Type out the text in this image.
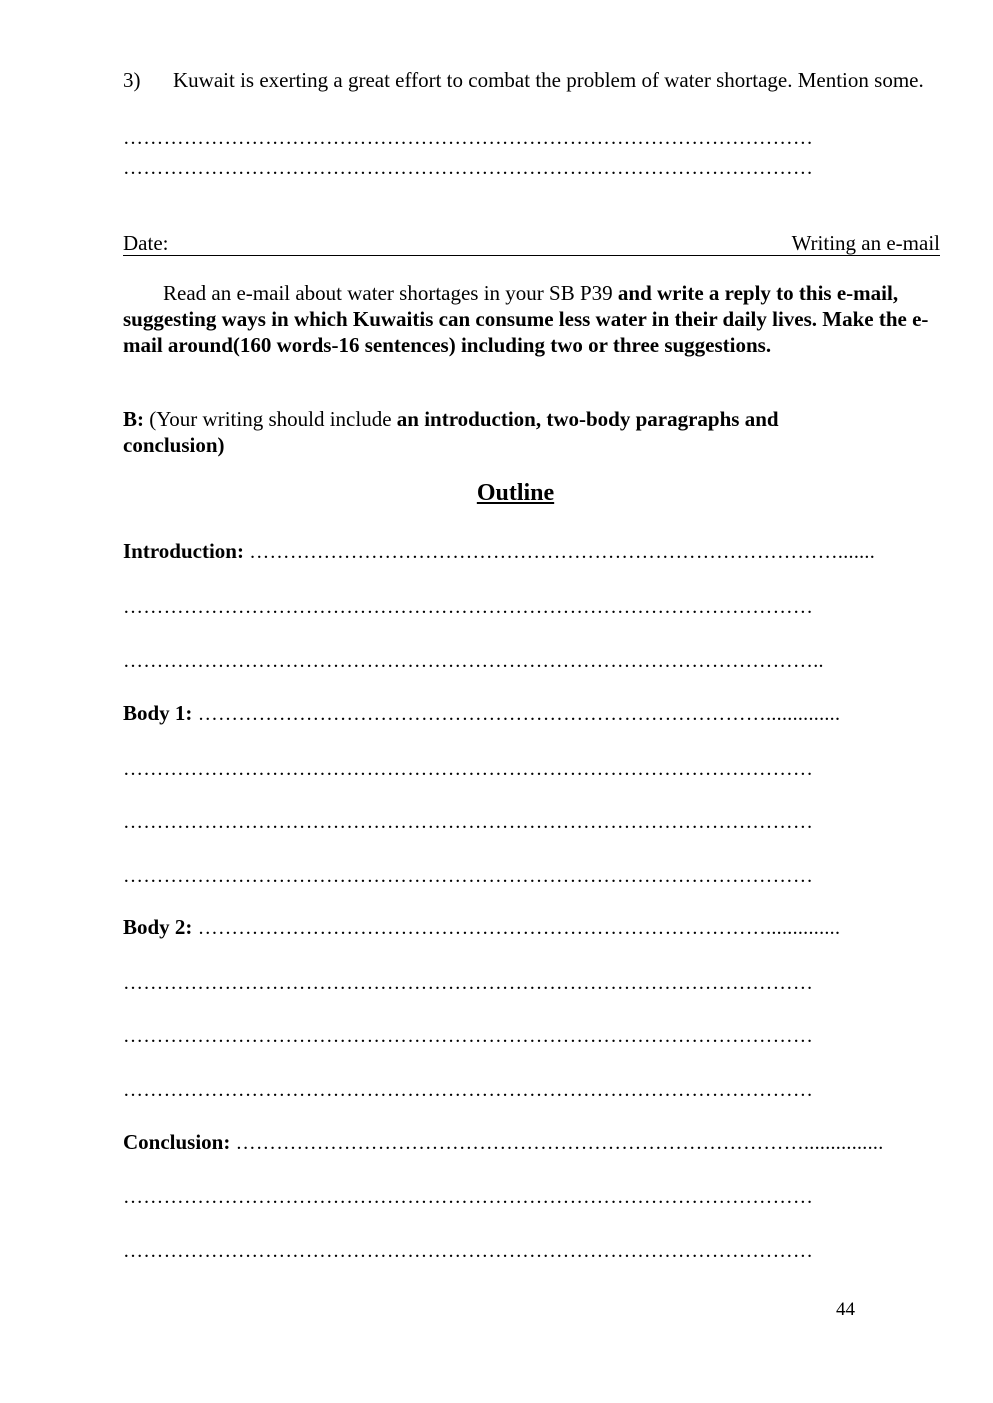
3) Kuwait is exerting a great effort to combat the problem of water shortage. Mention some.
…………………………………………………………………………………………
…………………………………………………………………………………………
Date:	Writing an e-mail
Read an e-mail about water shortages in your SB P39 and write a reply to this e-mail, suggesting ways in which Kuwaitis can consume less water in their daily lives. Make the e-mail around(160 words-16 sentences) including two or three suggestions.
B: (Your writing should include an introduction, two-body paragraphs and conclusion)
Outline
Introduction: …………………………………………………………………………….......
…………………………………………………………………………………………
…………………………………………………………………………………………..
Body 1: …………………………………………………………………………..............
…………………………………………………………………………………………
…………………………………………………………………………………………
…………………………………………………………………………………………
Body 2: …………………………………………………………………………..............
…………………………………………………………………………………………
…………………………………………………………………………………………
…………………………………………………………………………………………
Conclusion: …………………………………………………………………………...............
…………………………………………………………………………………………
…………………………………………………………………………………………
44
